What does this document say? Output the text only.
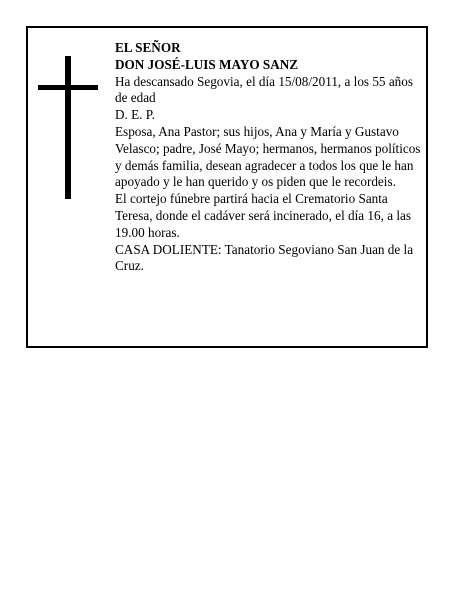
EL SEÑOR

DON JOSÉ-LUIS MAYO SANZ

Ha descansado Segovia, el día 15/08/2011, a los 55 años de edad

D. E. P.

Esposa, Ana Pastor; sus hijos, Ana y María y Gustavo Velasco; padre, José Mayo; hermanos, hermanos políticos y demás familia, desean agradecer a todos los que le han apoyado y le han querido y os piden que le recordeis.

El cortejo fúnebre partirá hacia el Crematorio Santa Teresa, donde el cadáver será incinerado, el día 16, a las 19.00 horas.

CASA DOLIENTE: Tanatorio Segoviano San Juan de la Cruz.
